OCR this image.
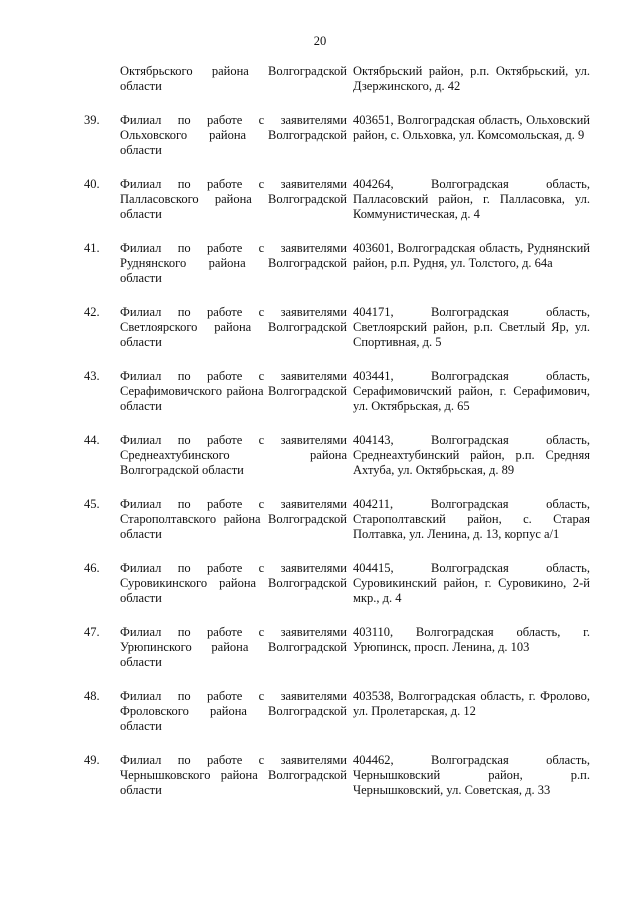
20
Октябрьского района Волгоградской области
Октябрьский район, р.п. Октябрьский, ул. Дзержинского, д. 42
39.	Филиал по работе с заявителями Ольховского района Волгоградской области
403651, Волгоградская область, Ольховский район, с. Ольховка, ул. Комсомольская, д. 9
40.	Филиал по работе с заявителями Палласовского района Волгоградской области
404264, Волгоградская область, Палласовский район, г. Палласовка, ул. Коммунистическая, д. 4
41.	Филиал по работе с заявителями Руднянского района Волгоградской области
403601, Волгоградская область, Руднянский район, р.п. Рудня, ул. Толстого, д. 64а
42.	Филиал по работе с заявителями Светлоярского района Волгоградской области
404171, Волгоградская область, Светлоярский район, р.п. Светлый Яр, ул. Спортивная, д. 5
43.	Филиал по работе с заявителями Серафимовичского района Волгоградской области
403441, Волгоградская область, Серафимовичский район, г. Серафимович, ул. Октябрьская, д. 65
44.	Филиал по работе с заявителями Среднеахтубинского района Волгоградской области
404143, Волгоградская область, Среднеахтубинский район, р.п. Средняя Ахтуба, ул. Октябрьская, д. 89
45.	Филиал по работе с заявителями Старополтавского района Волгоградской области
404211, Волгоградская область, Старополтавский район, с. Старая Полтавка, ул. Ленина, д. 13, корпус а/1
46.	Филиал по работе с заявителями Суровикинского района Волгоградской области
404415, Волгоградская область, Суровикинский район, г. Суровикино, 2-й мкр., д. 4
47.	Филиал по работе с заявителями Урюпинского района Волгоградской области
403110, Волгоградская область, г. Урюпинск, просп. Ленина, д. 103
48.	Филиал по работе с заявителями Фроловского района Волгоградской области
403538, Волгоградская область, г. Фролово, ул. Пролетарская, д. 12
49.	Филиал по работе с заявителями Чернышковского района Волгоградской области
404462, Волгоградская область, Чернышковский район, р.п. Чернышковский, ул. Советская, д. 33
